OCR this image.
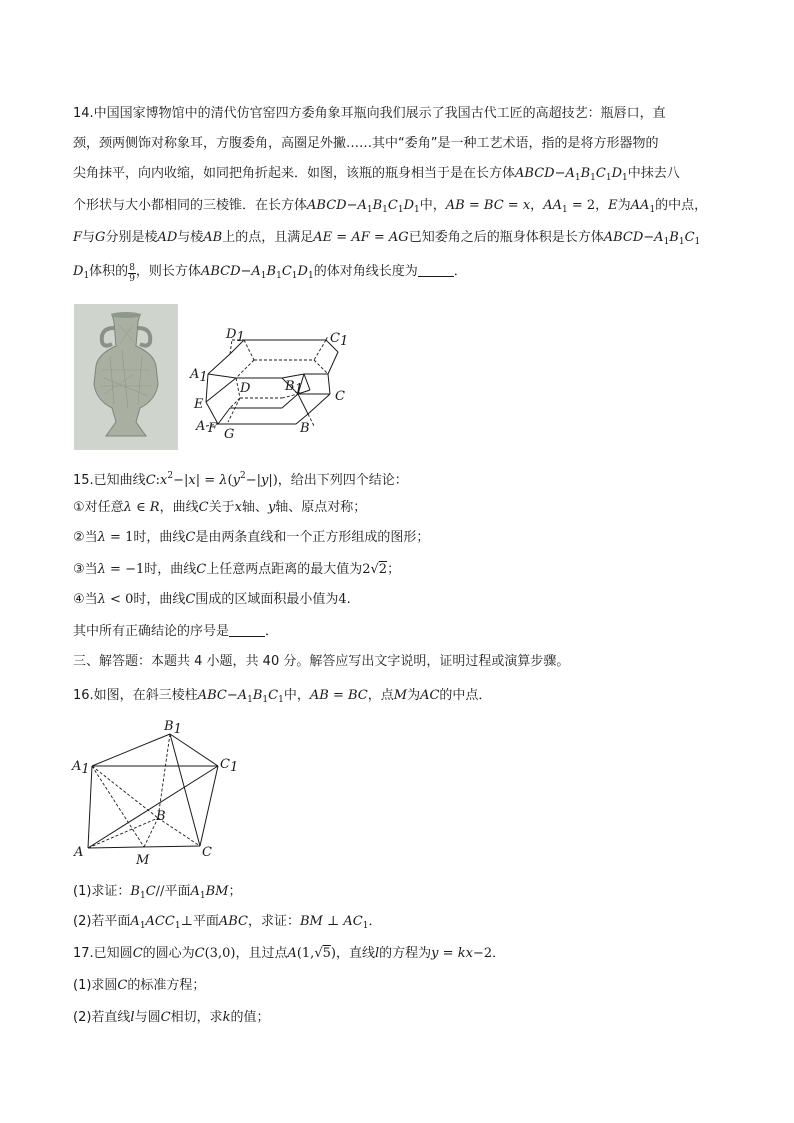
14.中国国家博物馆中的清代仿官窑四方委角象耳瓶向我们展示了我国古代工匠的高超技艺：瓶唇口，直
颈，颈两侧饰对称象耳，方腹委角，高圈足外撇……其中“委角”是一种工艺术语，指的是将方形器物的
尖角抹平，向内收缩，如同把角折起来．如图，该瓶的瓶身相当于是在长方体$ABCD-A_1B_1C_1D_1$中抹去八
个形状与大小都相同的三棱锥．在长方体$ABCD-A_1B_1C_1D_1$中，AB = BC = x，$AA_1 = 2$，E为$AA_1$的中点，
F与G分别是棱AD与棱AB上的点，且满足AE = AF = AG已知委角之后的瓶身体积是长方体$ABCD-A_1B_1C_1$
$D_1$体积的 $\frac{8}{9}$ ，则长方体$ABCD-A_1B_1C_1D_1$的体对角线长度为	．
D1	C1
A1
D	B1
E
C
A F G	B
15.已知曲线$C:x^2-|x| = \lambda(y^2-|y|)$，给出下列四个结论：
①对任意λ ∈ R，曲线C关于x轴、y轴、原点对称；
②当λ = 1时，曲线C是由两条直线和一个正方形组成的图形；
③当λ = −1时，曲线C上任意两点距离的最大值为2√2；
④当λ < 0时，曲线C围成的区域面积最小值为4.
其中所有正确结论的序号是	．
三、解答题：本题共 4 小题，共 40 分。解答应写出文字说明，证明过程或演算步骤。
16.如图，在斜三棱柱$ABC-A_1B_1C_1$中，AB = BC，点M为AC的中点．
B1
A1	C1
B
A
M
C
(1)求证：$B_1C//$平面$A_1BM$；
(2)若平面$A_1ACC_1\perp$平面ABC，求证：BM ⊥ $AC_1$．
17.已知圆C的圆心为C(3,0)，且过点A(1,√5)，直线l的方程为y = kx−2．
(1)求圆C的标准方程；
(2)若直线l与圆C相切，求k的值；
